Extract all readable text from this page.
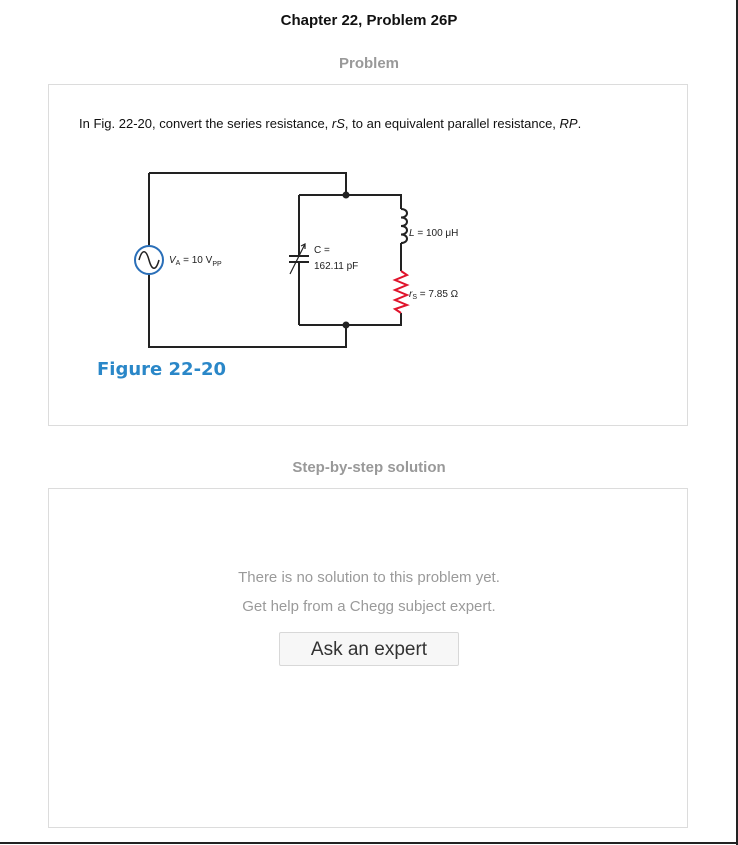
Chapter 22, Problem 26P
Problem
In Fig. 22-20, convert the series resistance, rS, to an equivalent parallel resistance, RP.
$V_A = 10$ $V_{PP}$
C =
162.11 pF
L = 100 μH
$r_S = 7.85$ Ω
Figure 22-20
Step-by-step solution
There is no solution to this problem yet.
Get help from a Chegg subject expert.
Ask an expert
